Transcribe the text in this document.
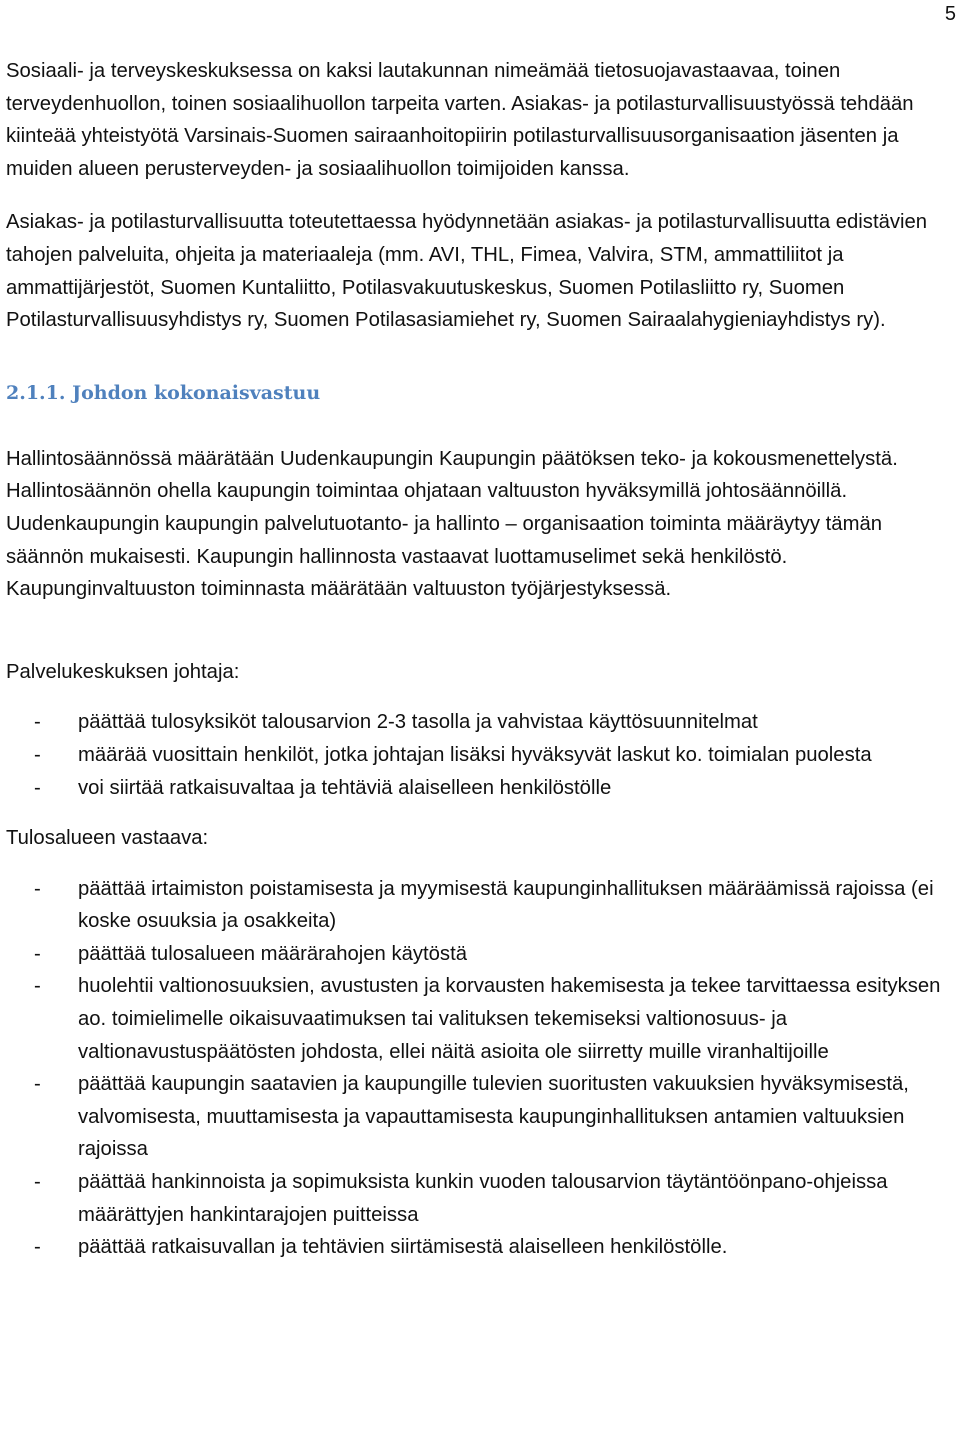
5

Sosiaali- ja terveyskeskuksessa on kaksi lautakunnan nimeämää tietosuojavastaavaa, toinen terveydenhuollon, toinen sosiaalihuollon tarpeita varten. Asiakas- ja potilasturvallisuustyössä tehdään kiinteää yhteistyötä Varsinais-Suomen sairaanhoitopiirin potilasturvallisuusorganisaation jäsenten ja muiden alueen perusterveyden- ja sosiaalihuollon toimijoiden kanssa.

Asiakas- ja potilasturvallisuutta toteutettaessa hyödynnetään asiakas- ja potilasturvallisuutta edistävien tahojen palveluita, ohjeita ja materiaaleja (mm. AVI, THL, Fimea, Valvira, STM, ammattiliitot ja ammattijärjestöt, Suomen Kuntaliitto, Potilasvakuutuskeskus, Suomen Potilasliitto ry, Suomen Potilasturvallisuusyhdistys ry, Suomen Potilasasiamiehet ry, Suomen Sairaalahygieniayhdistys ry).

2.1.1. Johdon kokonaisvastuu

Hallintosäännössä määrätään Uudenkaupungin Kaupungin päätöksen teko- ja kokousmenettelystä. Hallintosäännön ohella kaupungin toimintaa ohjataan valtuuston hyväksymillä johtosäännöillä. Uudenkaupungin kaupungin palvelutuotanto- ja hallinto – organisaation toiminta määräytyy tämän säännön mukaisesti. Kaupungin hallinnosta vastaavat luottamuselimet sekä henkilöstö. Kaupunginvaltuuston toiminnasta määrätään valtuuston työjärjestyksessä.

Palvelukeskuksen johtaja:

-	päättää tulosyksiköt talousarvion 2-3 tasolla ja vahvistaa käyttösuunnitelmat
-	määrää vuosittain henkilöt, jotka johtajan lisäksi hyväksyvät laskut ko. toimialan puolesta
-	voi siirtää ratkaisuvaltaa ja tehtäviä alaiselleen henkilöstölle

Tulosalueen vastaava:

-	päättää irtaimiston poistamisesta ja myymisestä kaupunginhallituksen määräämissä rajoissa (ei koske osuuksia ja osakkeita)
-	päättää tulosalueen määrärahojen käytöstä
-	huolehtii valtionosuuksien, avustusten ja korvausten hakemisesta ja tekee tarvittaessa esityksen ao. toimielimelle oikaisuvaatimuksen tai valituksen tekemiseksi valtionosuus- ja valtionavustuspäätösten johdosta, ellei näitä asioita ole siirretty muille viranhaltijoille
-	päättää kaupungin saatavien ja kaupungille tulevien suoritusten vakuuksien hyväksymisestä, valvomisesta, muuttamisesta ja vapauttamisesta kaupunginhallituksen antamien valtuuksien rajoissa
-	päättää hankinnoista ja sopimuksista kunkin vuoden talousarvion täytäntöönpano-ohjeissa määrättyjen hankintarajojen puitteissa
-	päättää ratkaisuvallan ja tehtävien siirtämisestä alaiselleen henkilöstölle.
